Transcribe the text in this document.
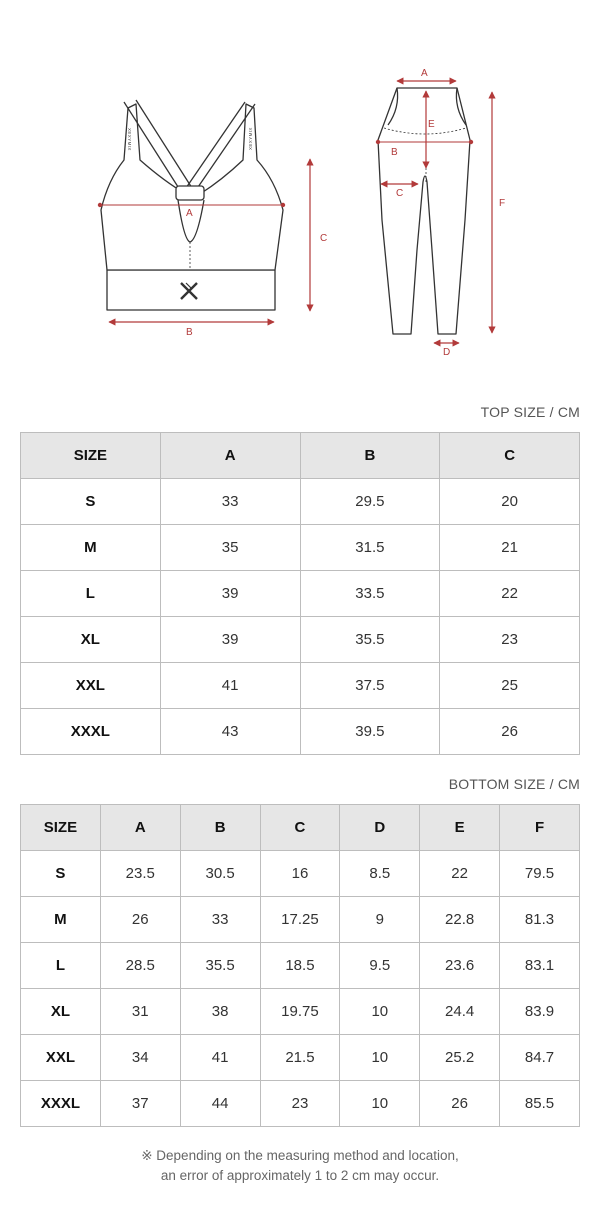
XEXYMIX	XEXYMIX
A
B
C
A
E
B
C
D
F
TOP SIZE / CM
SIZE	A	B	C
S	33	29.5	20
M	35	31.5	21
L	39	33.5	22
XL	39	35.5	23
XXL	41	37.5	25
XXXL	43	39.5	26
BOTTOM SIZE / CM
SIZE	A	B	C	D	E	F
S	23.5	30.5	16	8.5	22	79.5
M	26	33	17.25	9	22.8	81.3
L	28.5	35.5	18.5	9.5	23.6	83.1
XL	31	38	19.75	10	24.4	83.9
XXL	34	41	21.5	10	25.2	84.7
XXXL	37	44	23	10	26	85.5
※ Depending on the measuring method and location,
an error of approximately 1 to 2 cm may occur.
